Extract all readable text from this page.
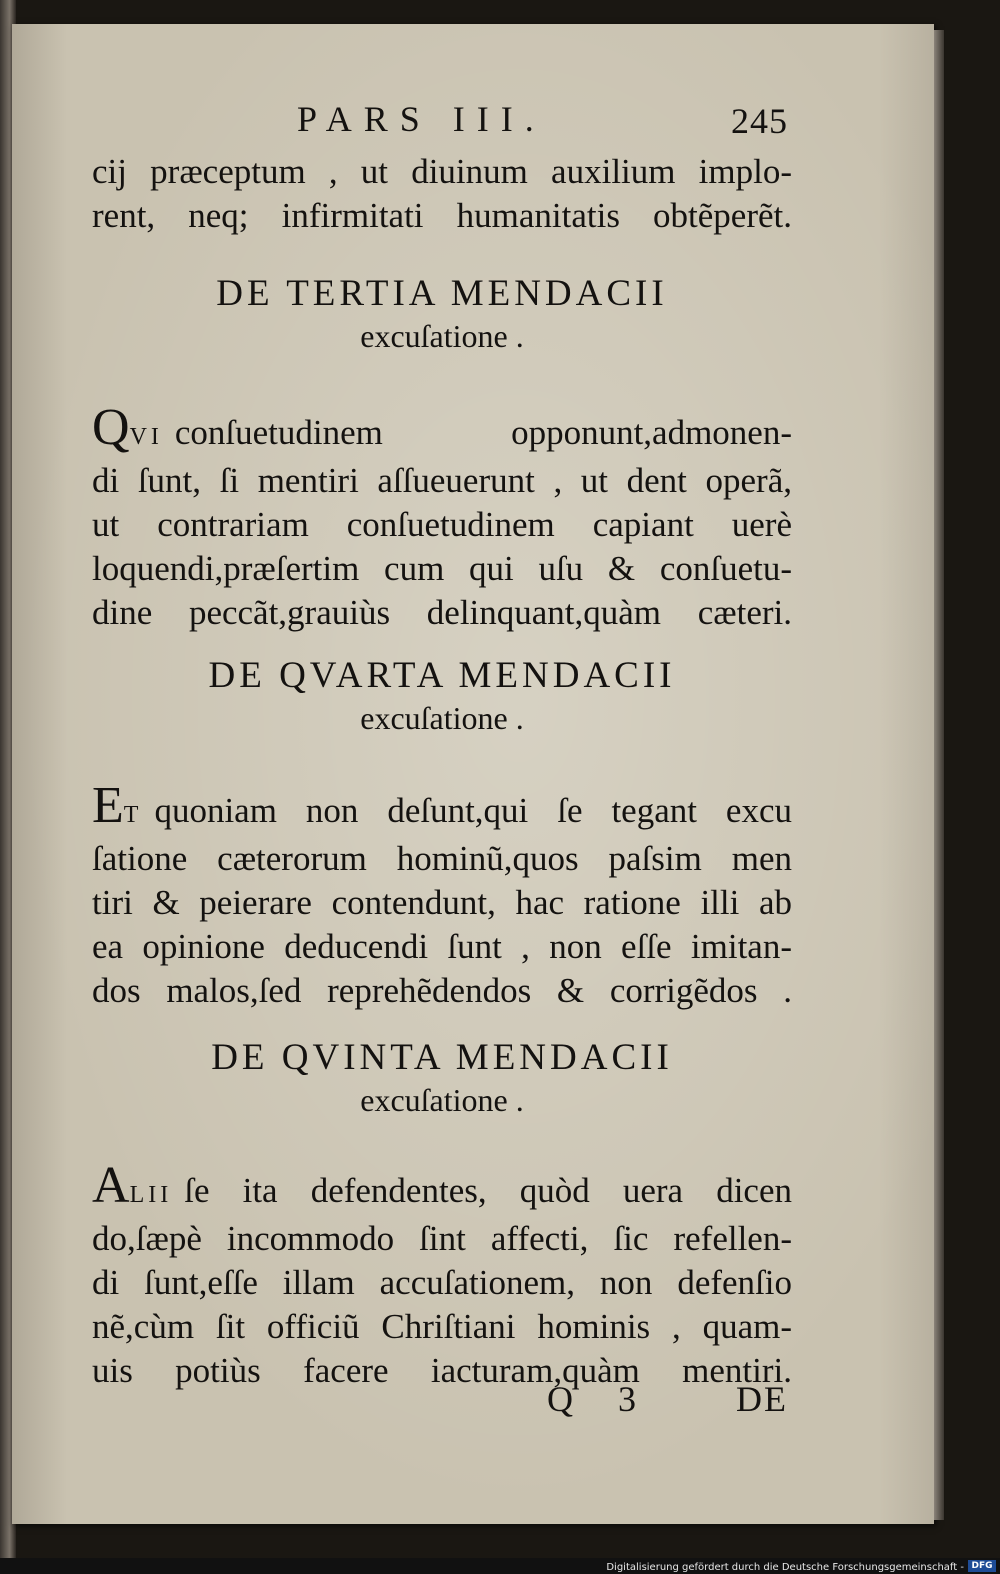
PARS III.	245
cij præceptum , ut diuinum auxilium implo-
rent, neq; infirmitati humanitatis obtẽperẽt.
DE TERTIA MENDACII
excuſatione .
QVI conſuetudinem opponunt,admonen-
di ſunt, ſi mentiri aſſueuerunt , ut dent operã,
ut contrariam conſuetudinem capiant uerè
loquendi,præſertim cum qui uſu & conſuetu-
dine peccãt,grauiùs delinquant,quàm cæteri.
DE QVARTA MENDACII
excuſatione .
ET quoniam non deſunt,qui ſe tegant excu
ſatione cæterorum hominũ,quos paſsim men
tiri & peierare contendunt, hac ratione illi ab
ea opinione deducendi ſunt , non eſſe imitan-
dos malos,ſed reprehẽdendos & corrigẽdos .
DE QVINTA MENDACII
excuſatione .
ALII ſe ita defendentes, quòd uera dicen
do,ſæpè incommodo ſint affecti, ſic refellen-
di ſunt,eſſe illam accuſationem, non defenſio
nẽ,cùm ſit officiũ Chriſtiani hominis , quam-
uis potiùs facere iacturam,quàm mentiri.
Q 3 DE
Digitalisierung gefördert durch die Deutsche Forschungsgemeinschaft - DFG
